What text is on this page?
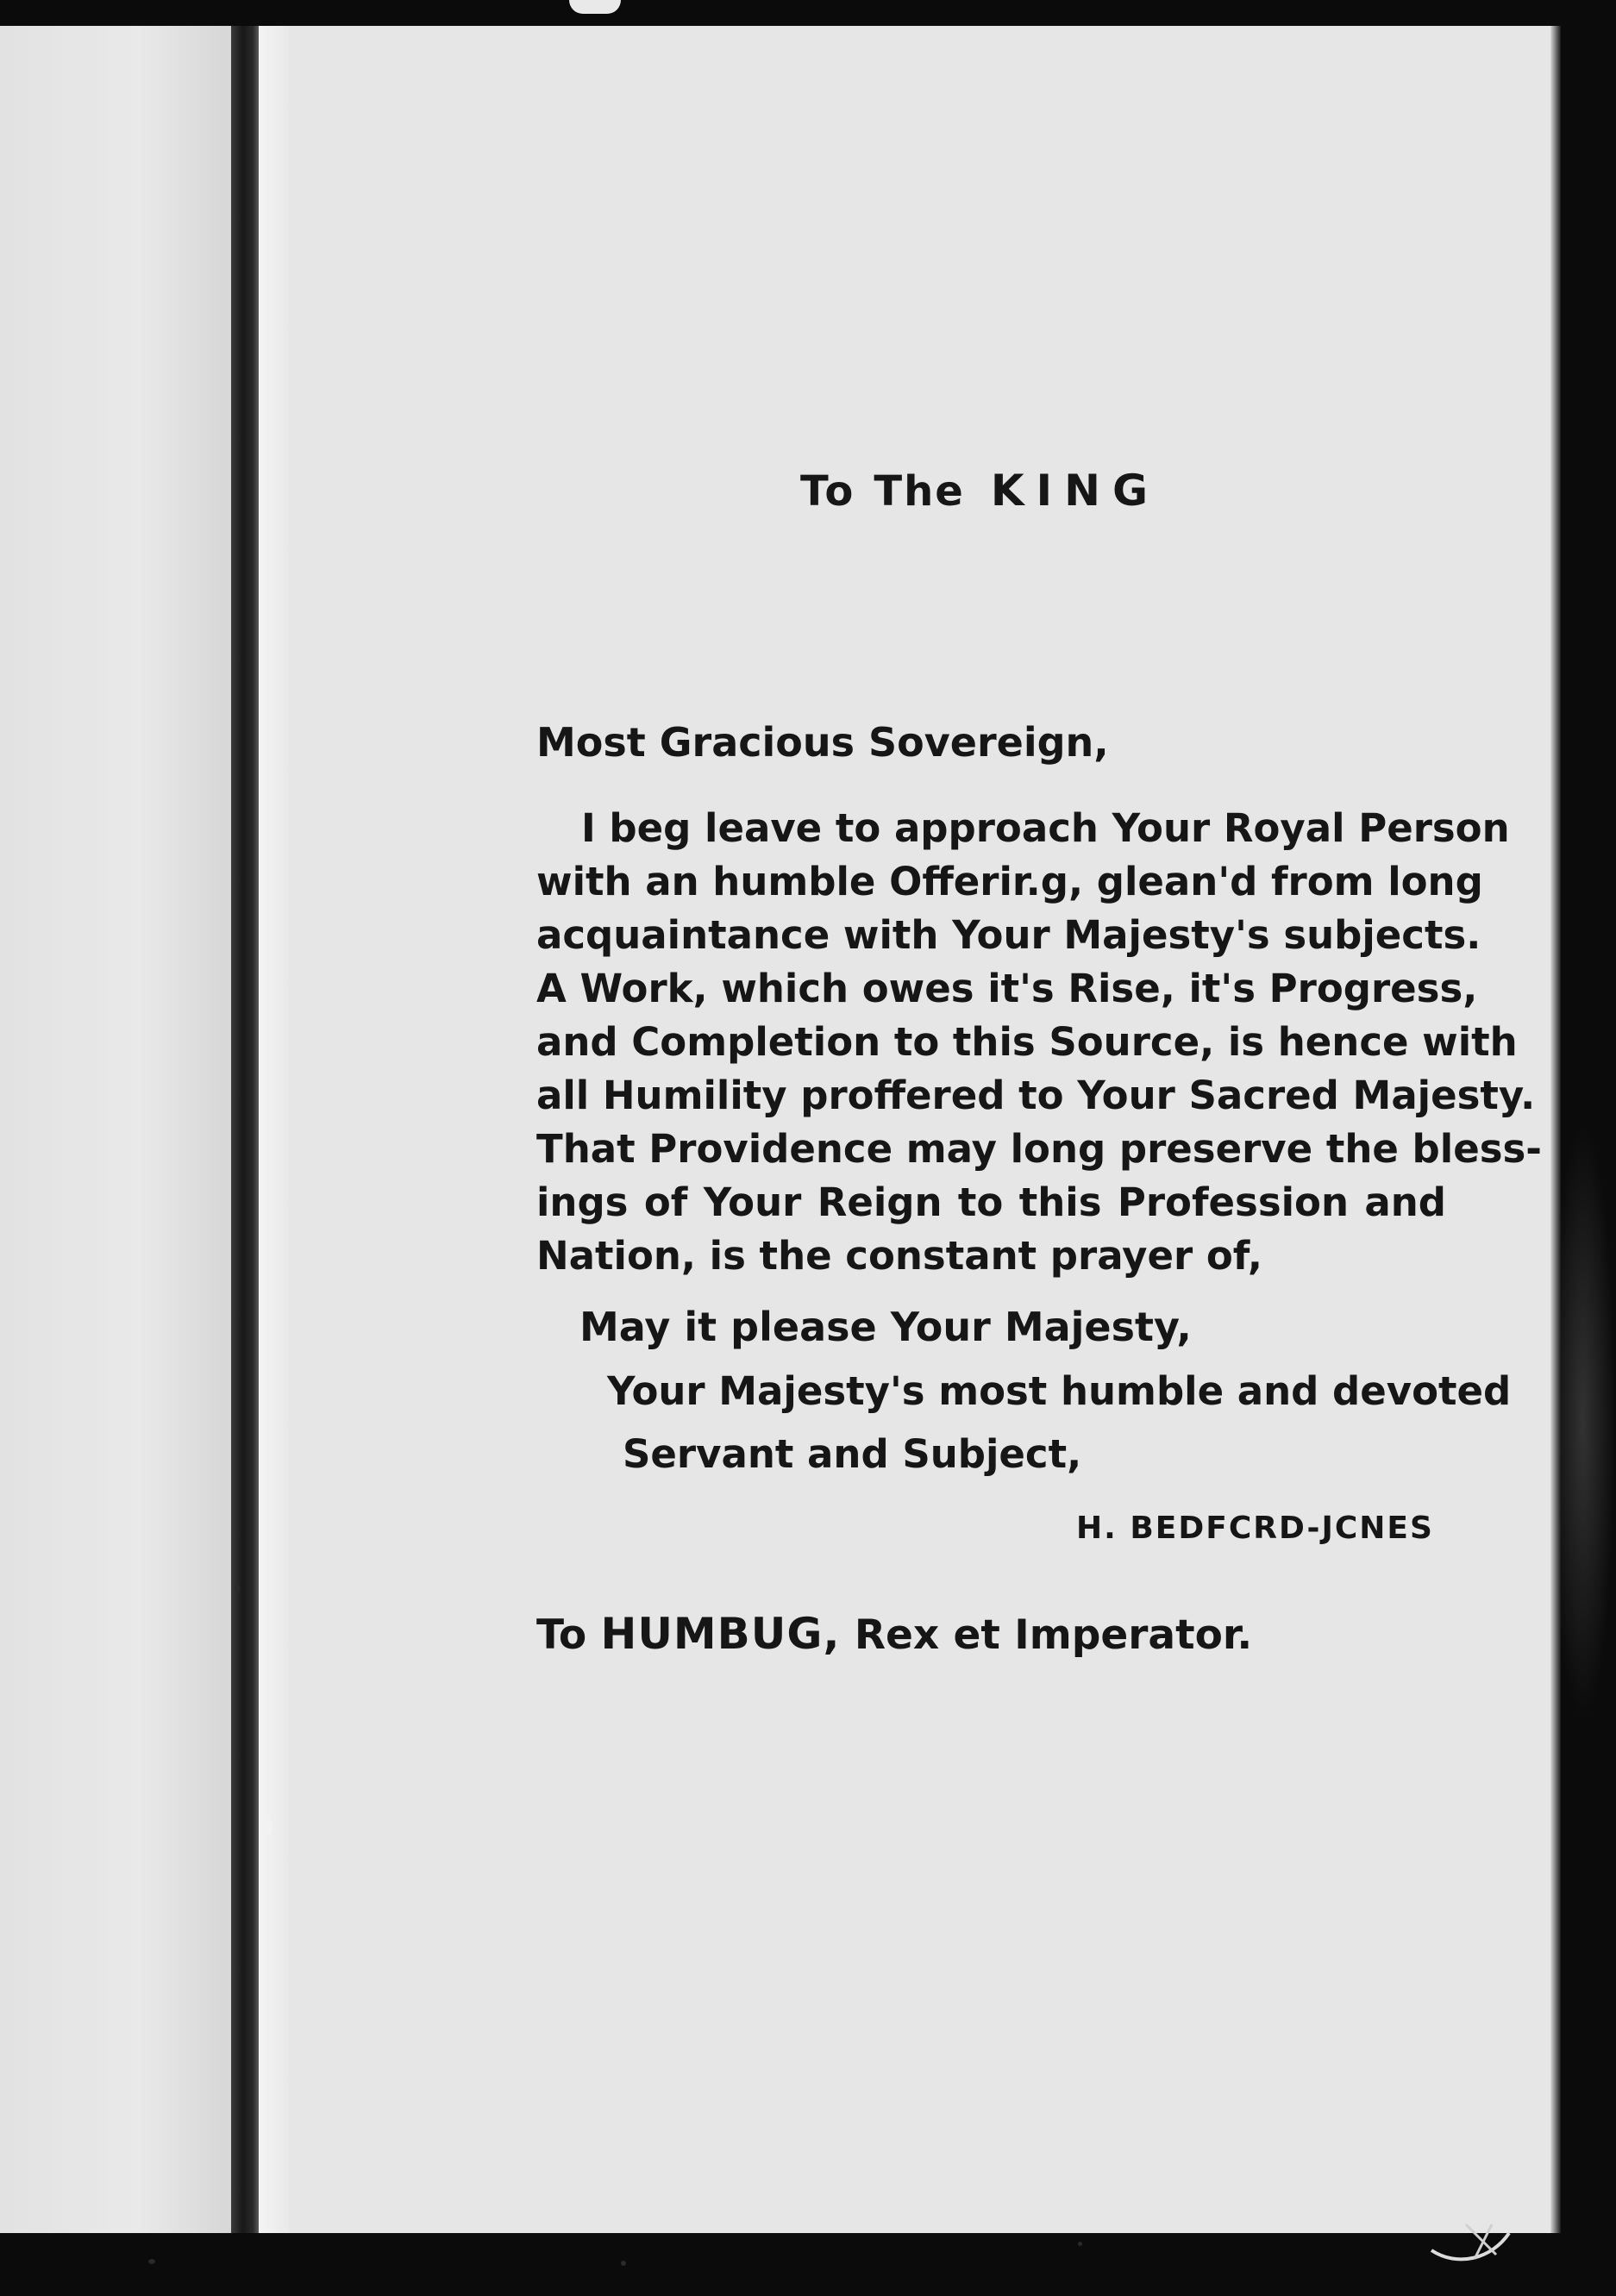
To The KING
Most Gracious Sovereign,

I beg leave to approach Your Royal Person
with an humble Offerir.g, glean'd from long
acquaintance with Your Majesty's subjects.
A Work, which owes it's Rise, it's Progress,
and Completion to this Source, is hence with
all Humility proffered to Your Sacred Majesty.
That Providence may long preserve the bless-
ings of Your Reign to this Profession and
Nation, is the constant prayer of,

May it please Your Majesty,
Your Majesty's most humble and devoted
Servant and Subject,
H. BEDFCRD-JCNES
To HUMBUG, Rex et Imperator.
